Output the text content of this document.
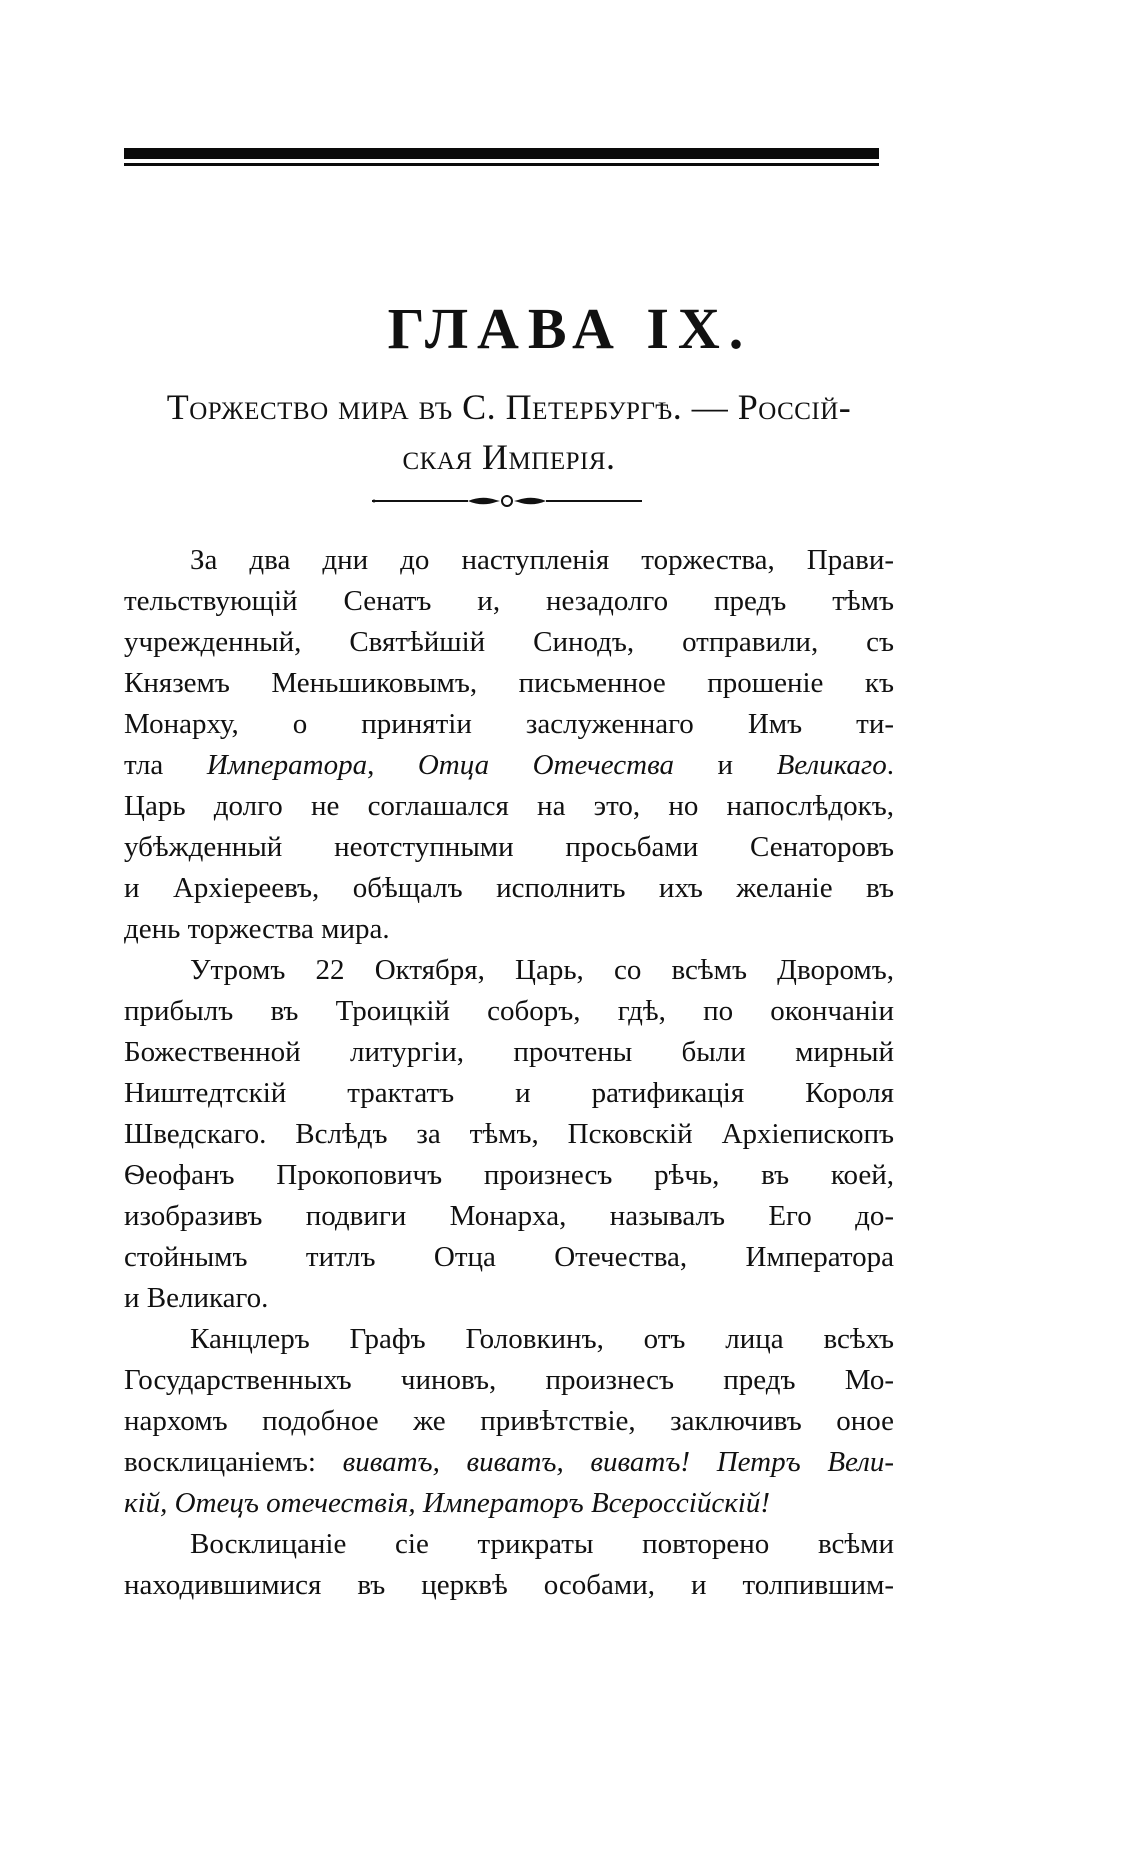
ГЛАВА IX.
Торжество мира въ С. Петербургѣ. — Россій-
ская Имперія.
За два дни до наступленія торжества, Прави-
тельствующій Сенатъ и, незадолго предъ тѣмъ
учрежденный, Святѣйшій Синодъ, отправили, съ
Княземъ Меньшиковымъ, письменное прошеніе къ
Монарху, о принятіи заслуженнаго Имъ ти-
тла Императора, Отца Отечества и Великаго.
Царь долго не соглашался на это, но напослѣдокъ,
убѣжденный неотступными просьбами Сенаторовъ
и Архіереевъ, обѣщалъ исполнить ихъ желаніе въ
день торжества мира.
Утромъ 22 Октября, Царь, со всѣмъ Дворомъ,
прибылъ въ Троицкій соборъ, гдѣ, по окончаніи
Божественной литургіи, прочтены были мирный
Ништедтскій трактатъ и ратификація Короля
Шведскаго. Вслѣдъ за тѣмъ, Псковскій Архіепископъ
Ѳеофанъ Прокоповичъ произнесъ рѣчь, въ коей,
изобразивъ подвиги Монарха, называлъ Его до-
стойнымъ титлъ Отца Отечества, Императора
и Великаго.
Канцлеръ Графъ Головкинъ, отъ лица всѣхъ
Государственныхъ чиновъ, произнесъ предъ Мо-
нархомъ подобное же привѣтствіе, заключивъ оное
восклицаніемъ: виватъ, виватъ, виватъ! Петръ Вели-
кій, Отецъ отечествія, Императоръ Всероссійскій!
Восклицаніе сіе трикраты повторено всѣми
находившимися въ церквѣ особами, и толпившим-
